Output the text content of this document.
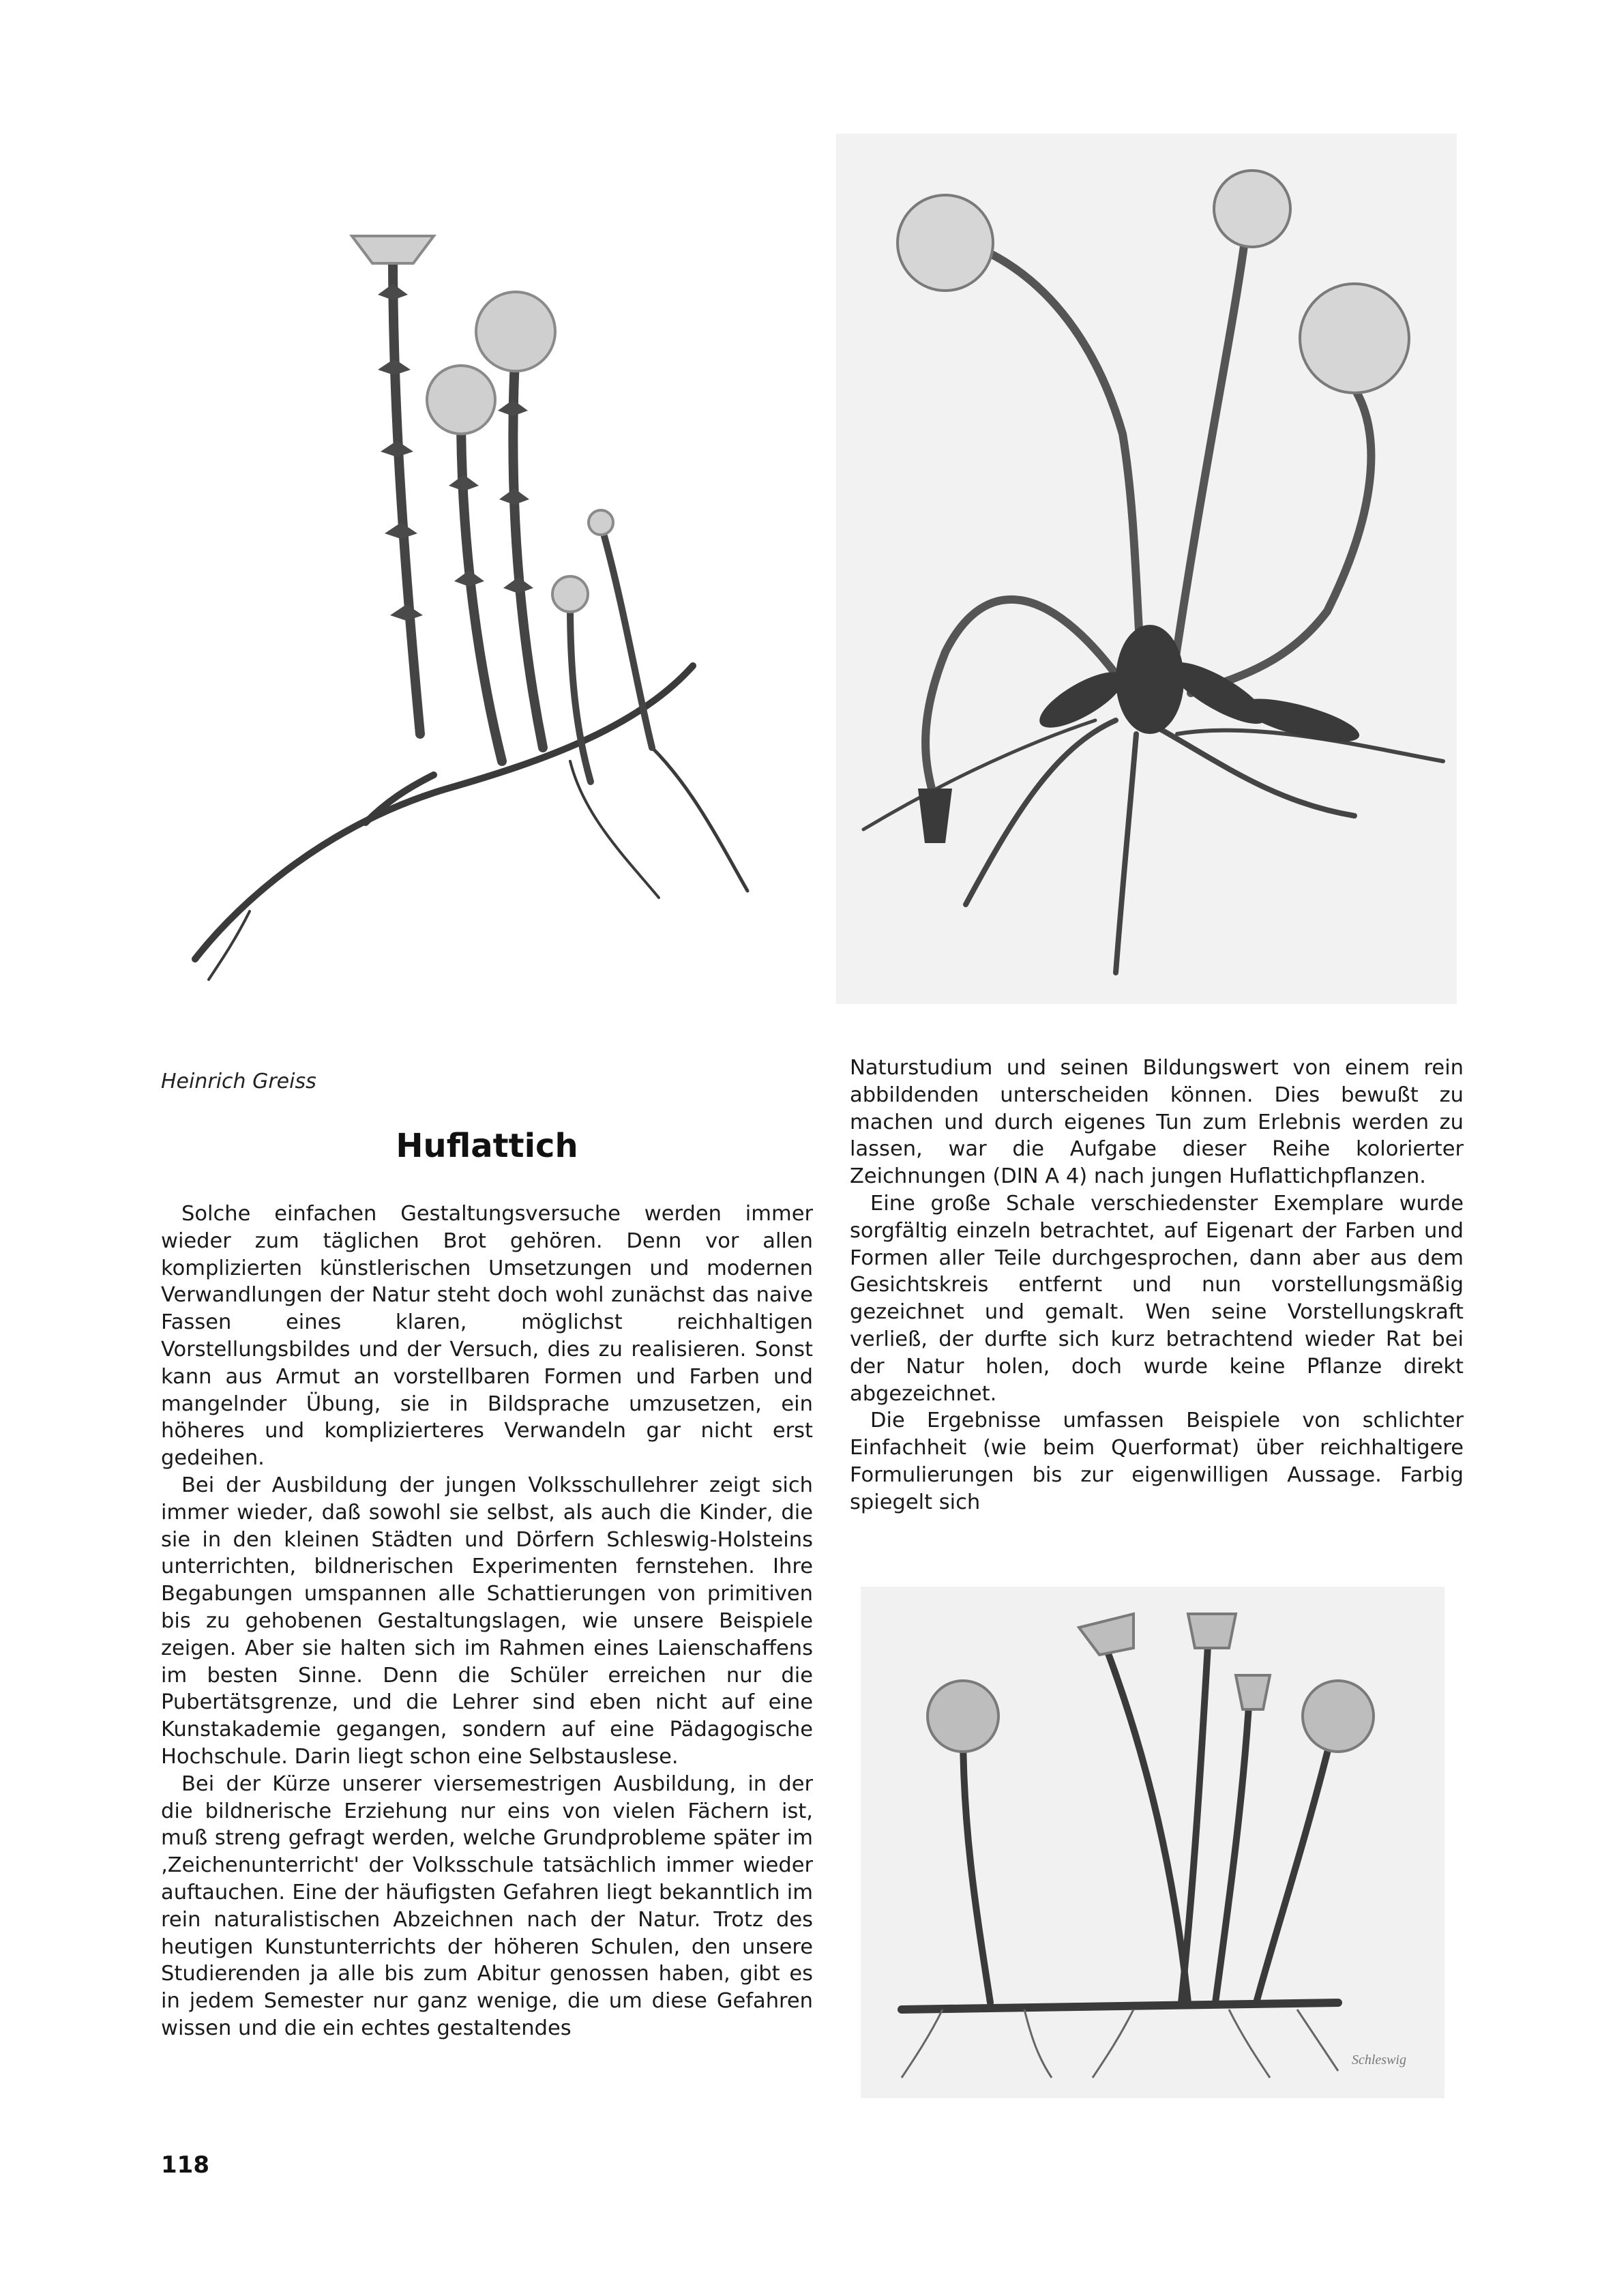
Heinrich Greiss
Huflattich

Solche einfachen Gestaltungsversuche werden immer wieder zum täglichen Brot gehören. Denn vor allen komplizierten künstlerischen Umsetzungen und modernen Verwandlungen der Natur steht doch wohl zunächst das naive Fassen eines klaren, möglichst reichhaltigen Vorstellungsbildes und der Versuch, dies zu realisieren. Sonst kann aus Armut an vorstellbaren Formen und Farben und mangelnder Übung, sie in Bildsprache umzusetzen, ein höheres und komplizierteres Verwandeln gar nicht erst gedeihen.

Bei der Ausbildung der jungen Volksschullehrer zeigt sich immer wieder, daß sowohl sie selbst, als auch die Kinder, die sie in den kleinen Städten und Dörfern Schleswig-Holsteins unterrichten, bildnerischen Experimenten fernstehen. Ihre Begabungen umspannen alle Schattierungen von primitiven bis zu gehobenen Gestaltungslagen, wie unsere Beispiele zeigen. Aber sie halten sich im Rahmen eines Laienschaffens im besten Sinne. Denn die Schüler erreichen nur die Pubertätsgrenze, und die Lehrer sind eben nicht auf eine Kunstakademie gegangen, sondern auf eine Pädagogische Hochschule. Darin liegt schon eine Selbstauslese.

Bei der Kürze unserer viersemestrigen Ausbildung, in der die bildnerische Erziehung nur eins von vielen Fächern ist, muß streng gefragt werden, welche Grundprobleme später im ‚Zeichenunterricht' der Volksschule tatsächlich immer wieder auftauchen. Eine der häufigsten Gefahren liegt bekanntlich im rein naturalistischen Abzeichnen nach der Natur. Trotz des heutigen Kunstunterrichts der höheren Schulen, den unsere Studierenden ja alle bis zum Abitur genossen haben, gibt es in jedem Semester nur ganz wenige, die um diese Gefahren wissen und die ein echtes gestaltendes

Naturstudium und seinen Bildungswert von einem rein abbildenden unterscheiden können. Dies bewußt zu machen und durch eigenes Tun zum Erlebnis werden zu lassen, war die Aufgabe dieser Reihe kolorierter Zeichnungen (DIN A 4) nach jungen Huflattichpflanzen.

Eine große Schale verschiedenster Exemplare wurde sorgfältig einzeln betrachtet, auf Eigenart der Farben und Formen aller Teile durchgesprochen, dann aber aus dem Gesichtskreis entfernt und nun vorstellungsmäßig gezeichnet und gemalt. Wen seine Vorstellungskraft verließ, der durfte sich kurz betrachtend wieder Rat bei der Natur holen, doch wurde keine Pflanze direkt abgezeichnet.

Die Ergebnisse umfassen Beispiele von schlichter Einfachheit (wie beim Querformat) über reichhaltigere Formulierungen bis zur eigenwilligen Aussage. Farbig spiegelt sich

Schleswig
118
